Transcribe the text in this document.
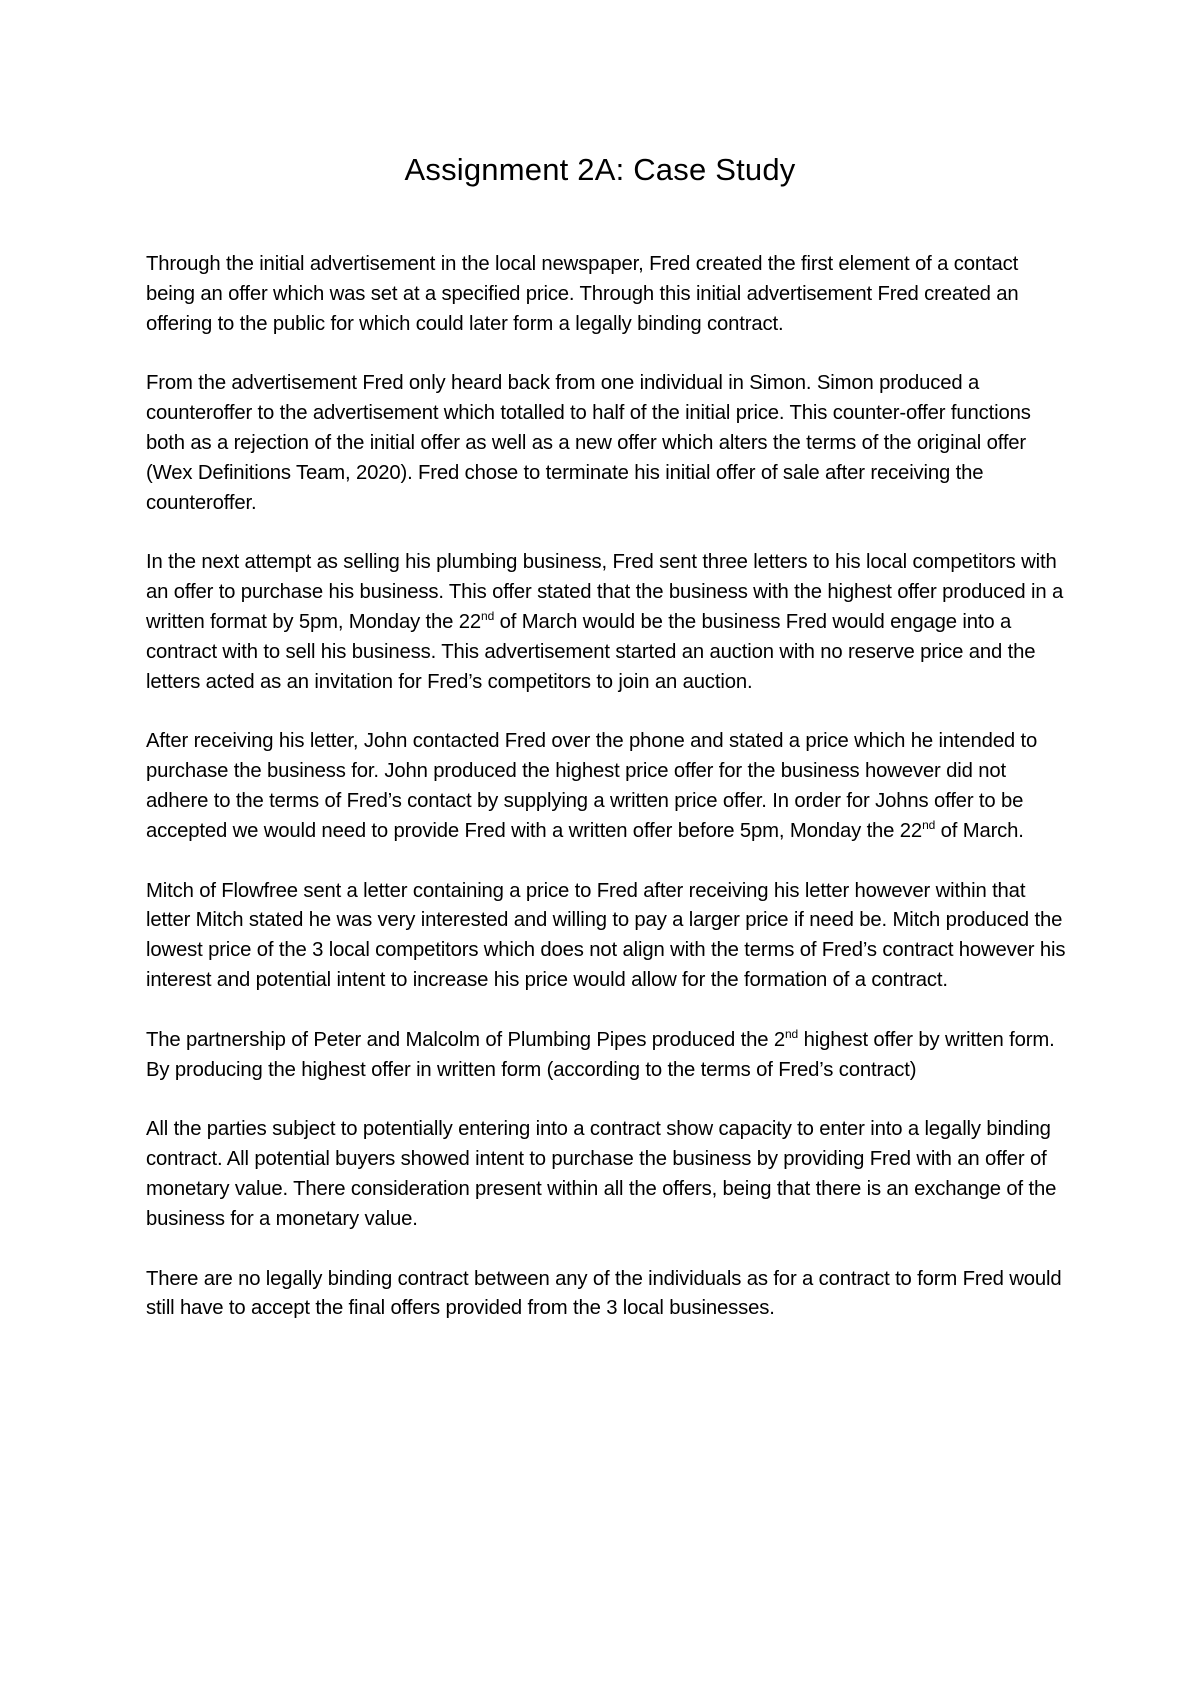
Assignment 2A: Case Study

Through the initial advertisement in the local newspaper, Fred created the first element of a contact being an offer which was set at a specified price. Through this initial advertisement Fred created an offering to the public for which could later form a legally binding contract.

From the advertisement Fred only heard back from one individual in Simon. Simon produced a counteroffer to the advertisement which totalled to half of the initial price. This counter-offer functions both as a rejection of the initial offer as well as a new offer which alters the terms of the original offer (Wex Definitions Team, 2020). Fred chose to terminate his initial offer of sale after receiving the counteroffer.

In the next attempt as selling his plumbing business, Fred sent three letters to his local competitors with an offer to purchase his business. This offer stated that the business with the highest offer produced in a written format by 5pm, Monday the 22nd of March would be the business Fred would engage into a contract with to sell his business. This advertisement started an auction with no reserve price and the letters acted as an invitation for Fred’s competitors to join an auction.

After receiving his letter, John contacted Fred over the phone and stated a price which he intended to purchase the business for. John produced the highest price offer for the business however did not adhere to the terms of Fred’s contact by supplying a written price offer. In order for Johns offer to be accepted we would need to provide Fred with a written offer before 5pm, Monday the 22nd of March.

Mitch of Flowfree sent a letter containing a price to Fred after receiving his letter however within that letter Mitch stated he was very interested and willing to pay a larger price if need be. Mitch produced the lowest price of the 3 local competitors which does not align with the terms of Fred’s contract however his interest and potential intent to increase his price would allow for the formation of a contract.

The partnership of Peter and Malcolm of Plumbing Pipes produced the 2nd highest offer by written form. By producing the highest offer in written form (according to the terms of Fred’s contract)

All the parties subject to potentially entering into a contract show capacity to enter into a legally binding contract. All potential buyers showed intent to purchase the business by providing Fred with an offer of monetary value. There consideration present within all the offers, being that there is an exchange of the business for a monetary value.

There are no legally binding contract between any of the individuals as for a contract to form Fred would still have to accept the final offers provided from the 3 local businesses.
